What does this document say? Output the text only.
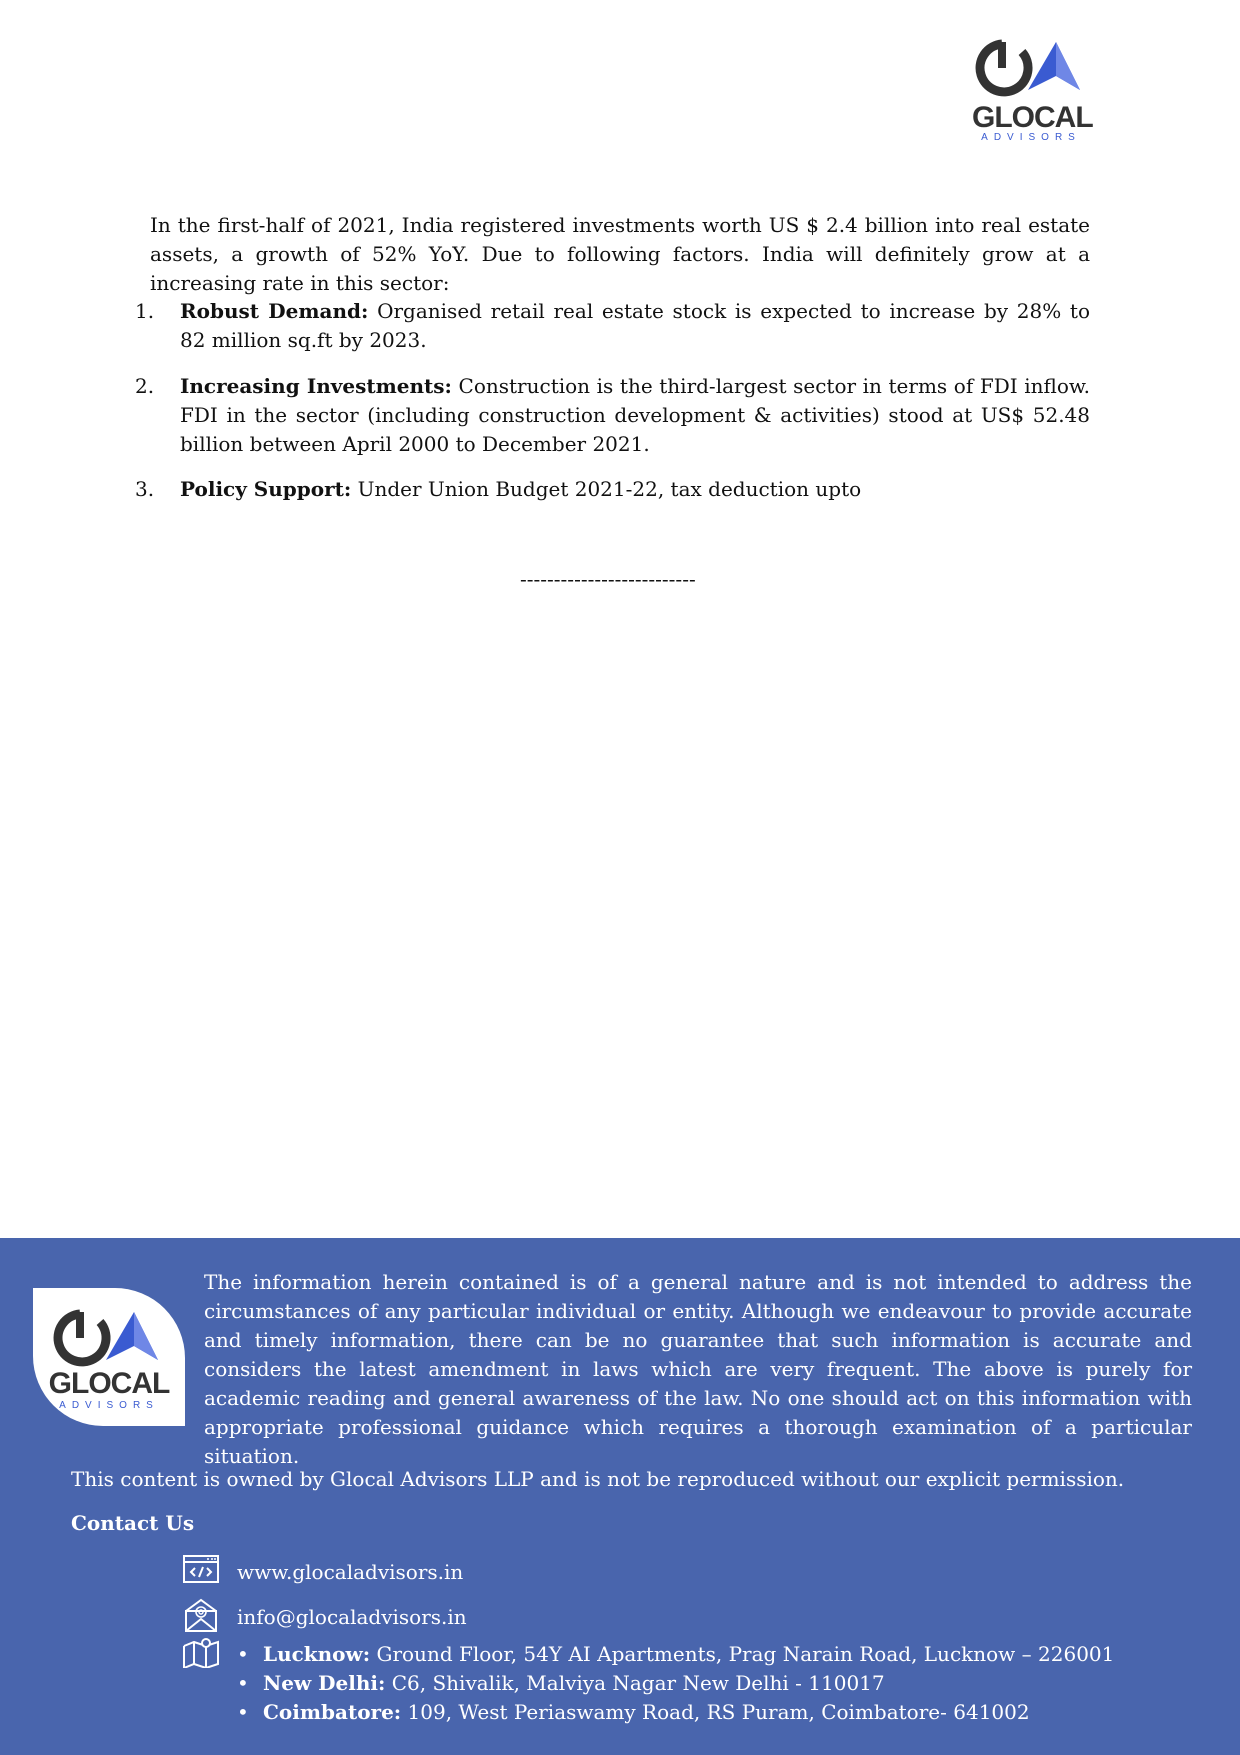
GLOCAL
ADVISORS
In the first-half of 2021, India registered investments worth US $ 2.4 billion into real estate assets, a growth of 52% YoY. Due to following factors. India will definitely grow at a increasing rate in this sector:
1. Robust Demand: Organised retail real estate stock is expected to increase by 28% to 82 million sq.ft by 2023.
2. Increasing Investments: Construction is the third-largest sector in terms of FDI inflow. FDI in the sector (including construction development & activities) stood at US$ 52.48 billion between April 2000 to December 2021.
3. Policy Support: Under Union Budget 2021-22, tax deduction upto
--------------------------
GLOCAL
ADVISORS
The information herein contained is of a general nature and is not intended to address the circumstances of any particular individual or entity. Although we endeavour to provide accurate and timely information, there can be no guarantee that such information is accurate and considers the latest amendment in laws which are very frequent. The above is purely for academic reading and general awareness of the law. No one should act on this information with appropriate professional guidance which requires a thorough examination of a particular situation.
This content is owned by Glocal Advisors LLP and is not be reproduced without our explicit permission.
Contact Us
www.glocaladvisors.in
info@glocaladvisors.in
• Lucknow: Ground Floor, 54Y AI Apartments, Prag Narain Road, Lucknow – 226001
• New Delhi: C6, Shivalik, Malviya Nagar New Delhi - 110017
• Coimbatore: 109, West Periaswamy Road, RS Puram, Coimbatore- 641002
